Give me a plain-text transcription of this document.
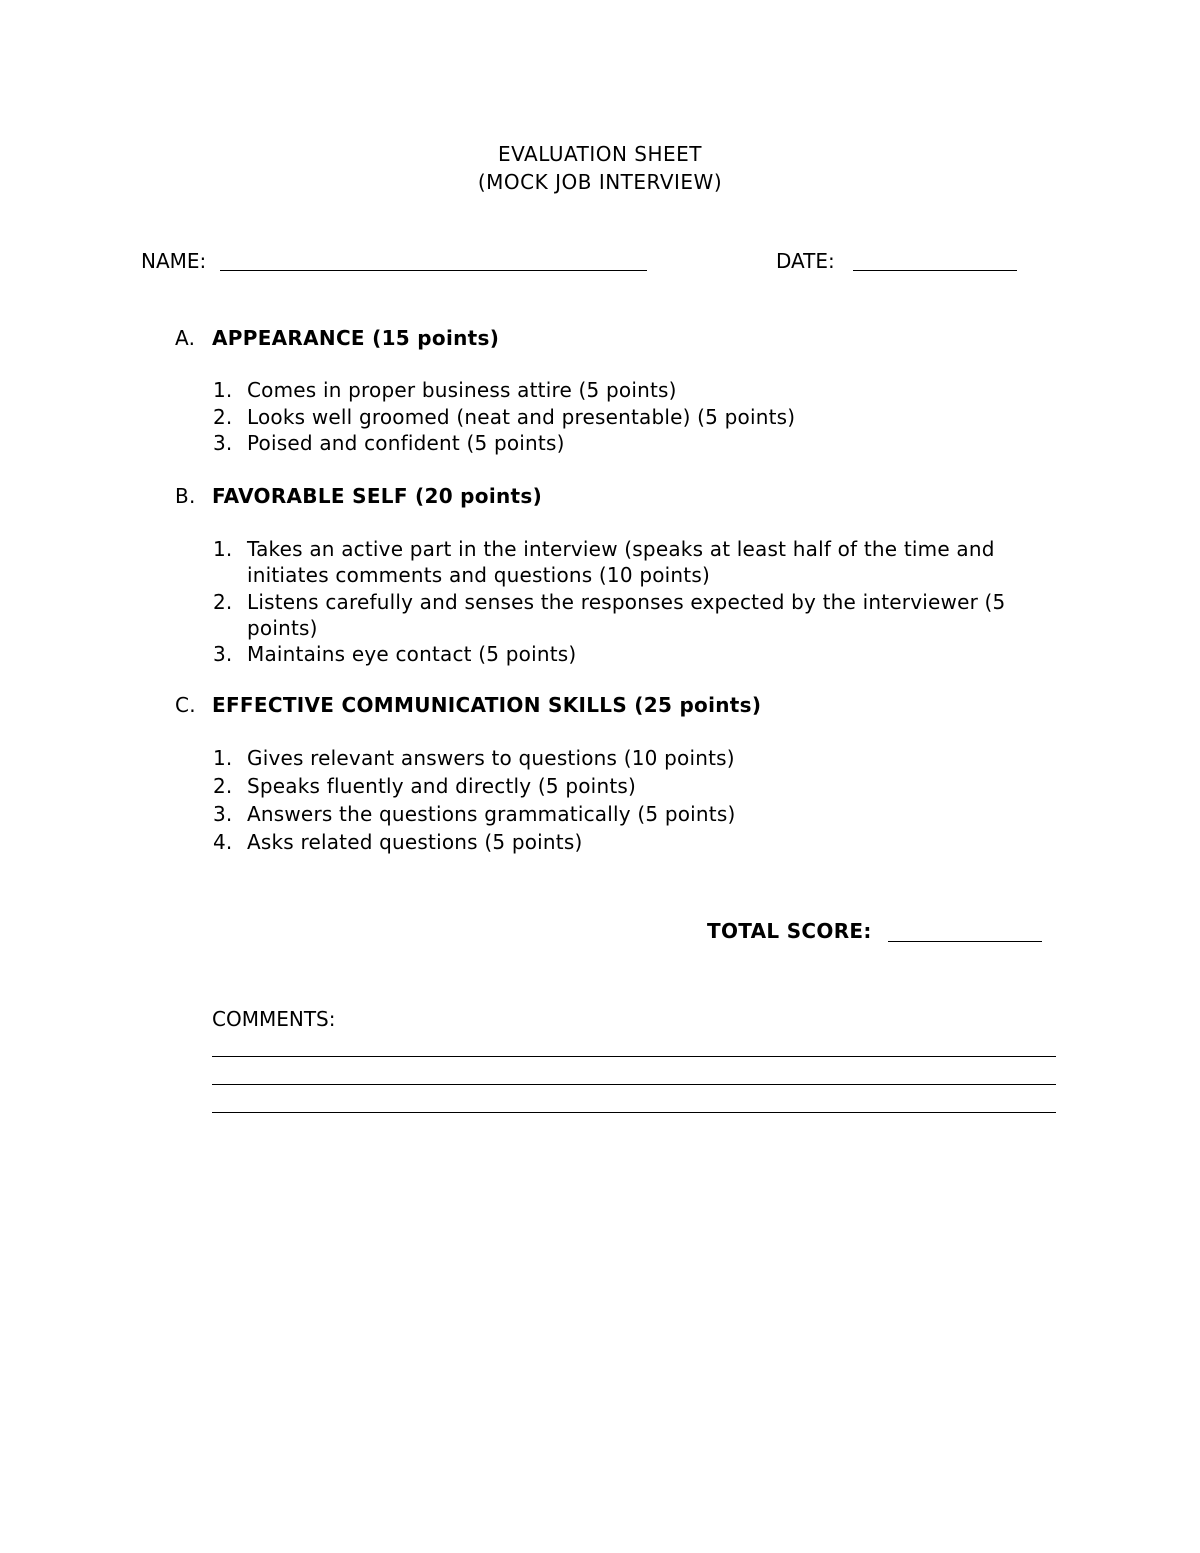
EVALUATION SHEET
(MOCK JOB INTERVIEW)
NAME:	DATE:
A. APPEARANCE (15 points)
1. Comes in proper business attire (5 points)
2. Looks well groomed (neat and presentable) (5 points)
3. Poised and confident (5 points)
B. FAVORABLE SELF (20 points)
1. Takes an active part in the interview (speaks at least half of the time and initiates comments and questions (10 points)
2. Listens carefully and senses the responses expected by the interviewer (5 points)
3. Maintains eye contact (5 points)
C. EFFECTIVE COMMUNICATION SKILLS (25 points)
1. Gives relevant answers to questions (10 points)
2. Speaks fluently and directly (5 points)
3. Answers the questions grammatically (5 points)
4. Asks related questions (5 points)
TOTAL SCORE:
COMMENTS:
